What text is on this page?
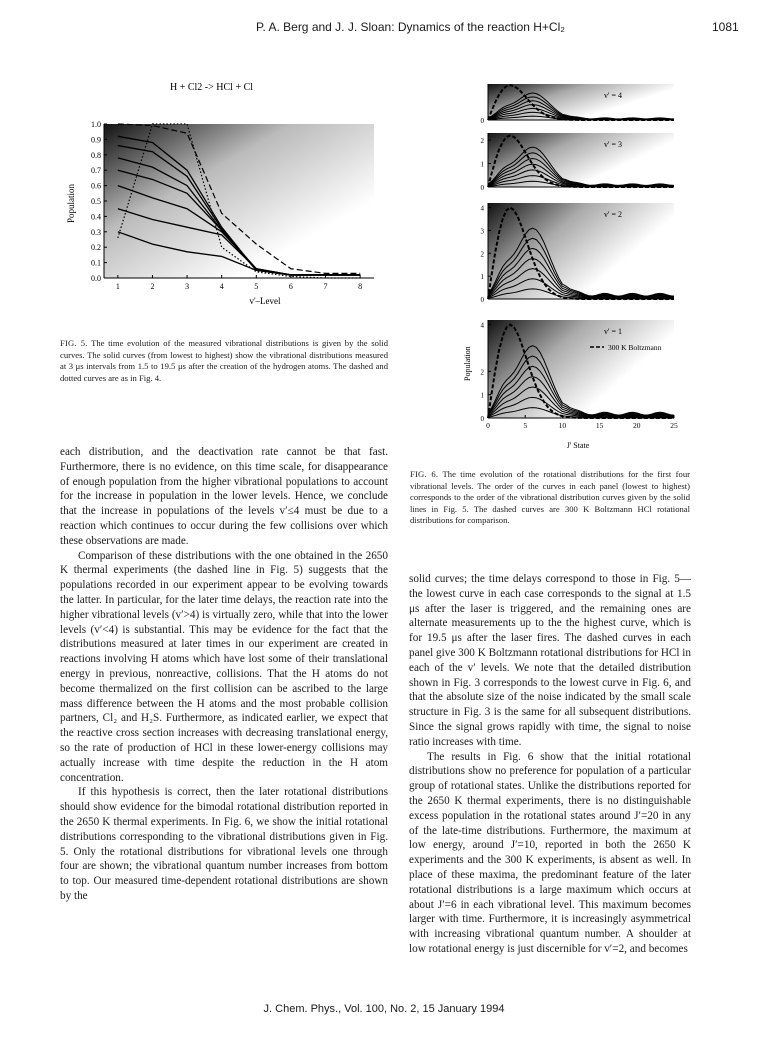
P. A. Berg and J. J. Sloan: Dynamics of the reaction H+Cl₂	1081
H + Cl2 -> HCl + Cl
Population
v'–Level
0.0
0.1
0.2
0.3
0.4
0.5
0.6
0.7
0.8
0.9
1.0
1	2	3	4	5	6	7	8
0
v' = 4
0
1
2	v' = 3
0
1
2
3
4
v' = 2
0
1
2
4
v' = 1
300 K Boltzmann
0	5	10	15	20	25
Population
J' State
FIG. 5. The time evolution of the measured vibrational distributions is given by the solid curves. The solid curves (from lowest to highest) show the vibrational distributions measured at 3 μs intervals from 1.5 to 19.5 μs after the creation of the hydrogen atoms. The dashed and dotted curves are as in Fig. 4.
FIG. 6. The time evolution of the rotational distributions for the first four vibrational levels. The order of the curves in each panel (lowest to highest) corresponds to the order of the vibrational distribution curves given by the solid lines in Fig. 5. The dashed curves are 300 K Boltzmann HCl rotational distributions for comparison.

each distribution, and the deactivation rate cannot be that fast. Furthermore, there is no evidence, on this time scale, for disappearance of enough population from the higher vibrational populations to account for the increase in population in the lower levels. Hence, we conclude that the increase in populations of the levels v′≤4 must be due to a reaction which continues to occur during the few collisions over which these observations are made.

Comparison of these distributions with the one obtained in the 2650 K thermal experiments (the dashed line in Fig. 5) suggests that the populations recorded in our experiment appear to be evolving towards the latter. In particular, for the later time delays, the reaction rate into the higher vibrational levels (v′>4) is virtually zero, while that into the lower levels (v′<4) is substantial. This may be evidence for the fact that the distributions measured at later times in our experiment are created in reactions involving H atoms which have lost some of their translational energy in previous, nonreactive, collisions. That the H atoms do not become thermalized on the first collision can be ascribed to the large mass difference between the H atoms and the most probable collision partners, Cl₂ and H₂S. Furthermore, as indicated earlier, we expect that the reactive cross section increases with decreasing translational energy, so the rate of production of HCl in these lower-energy collisions may actually increase with time despite the reduction in the H atom concentration.

If this hypothesis is correct, then the later rotational distributions should show evidence for the bimodal rotational distribution reported in the 2650 K thermal experiments. In Fig. 6, we show the initial rotational distributions corresponding to the vibrational distributions given in Fig. 5. Only the rotational distributions for vibrational levels one through four are shown; the vibrational quantum number increases from bottom to top. Our measured time-dependent rotational distributions are shown by the

solid curves; the time delays correspond to those in Fig. 5—the lowest curve in each case corresponds to the signal at 1.5 μs after the laser is triggered, and the remaining ones are alternate measurements up to the the highest curve, which is for 19.5 μs after the laser fires. The dashed curves in each panel give 300 K Boltzmann rotational distributions for HCl in each of the v′ levels. We note that the detailed distribution shown in Fig. 3 corresponds to the lowest curve in Fig. 6, and that the absolute size of the noise indicated by the small scale structure in Fig. 3 is the same for all subsequent distributions. Since the signal grows rapidly with time, the signal to noise ratio increases with time.

The results in Fig. 6 show that the initial rotational distributions show no preference for population of a particular group of rotational states. Unlike the distributions reported for the 2650 K thermal experiments, there is no distinguishable excess population in the rotational states around J′=20 in any of the late-time distributions. Furthermore, the maximum at low energy, around J′=10, reported in both the 2650 K experiments and the 300 K experiments, is absent as well. In place of these maxima, the predominant feature of the later rotational distributions is a large maximum which occurs at about J′=6 in each vibrational level. This maximum becomes larger with time. Furthermore, it is increasingly asymmetrical with increasing vibrational quantum number. A shoulder at low rotational energy is just discernible for v′=2, and becomes

J. Chem. Phys., Vol. 100, No. 2, 15 January 1994
